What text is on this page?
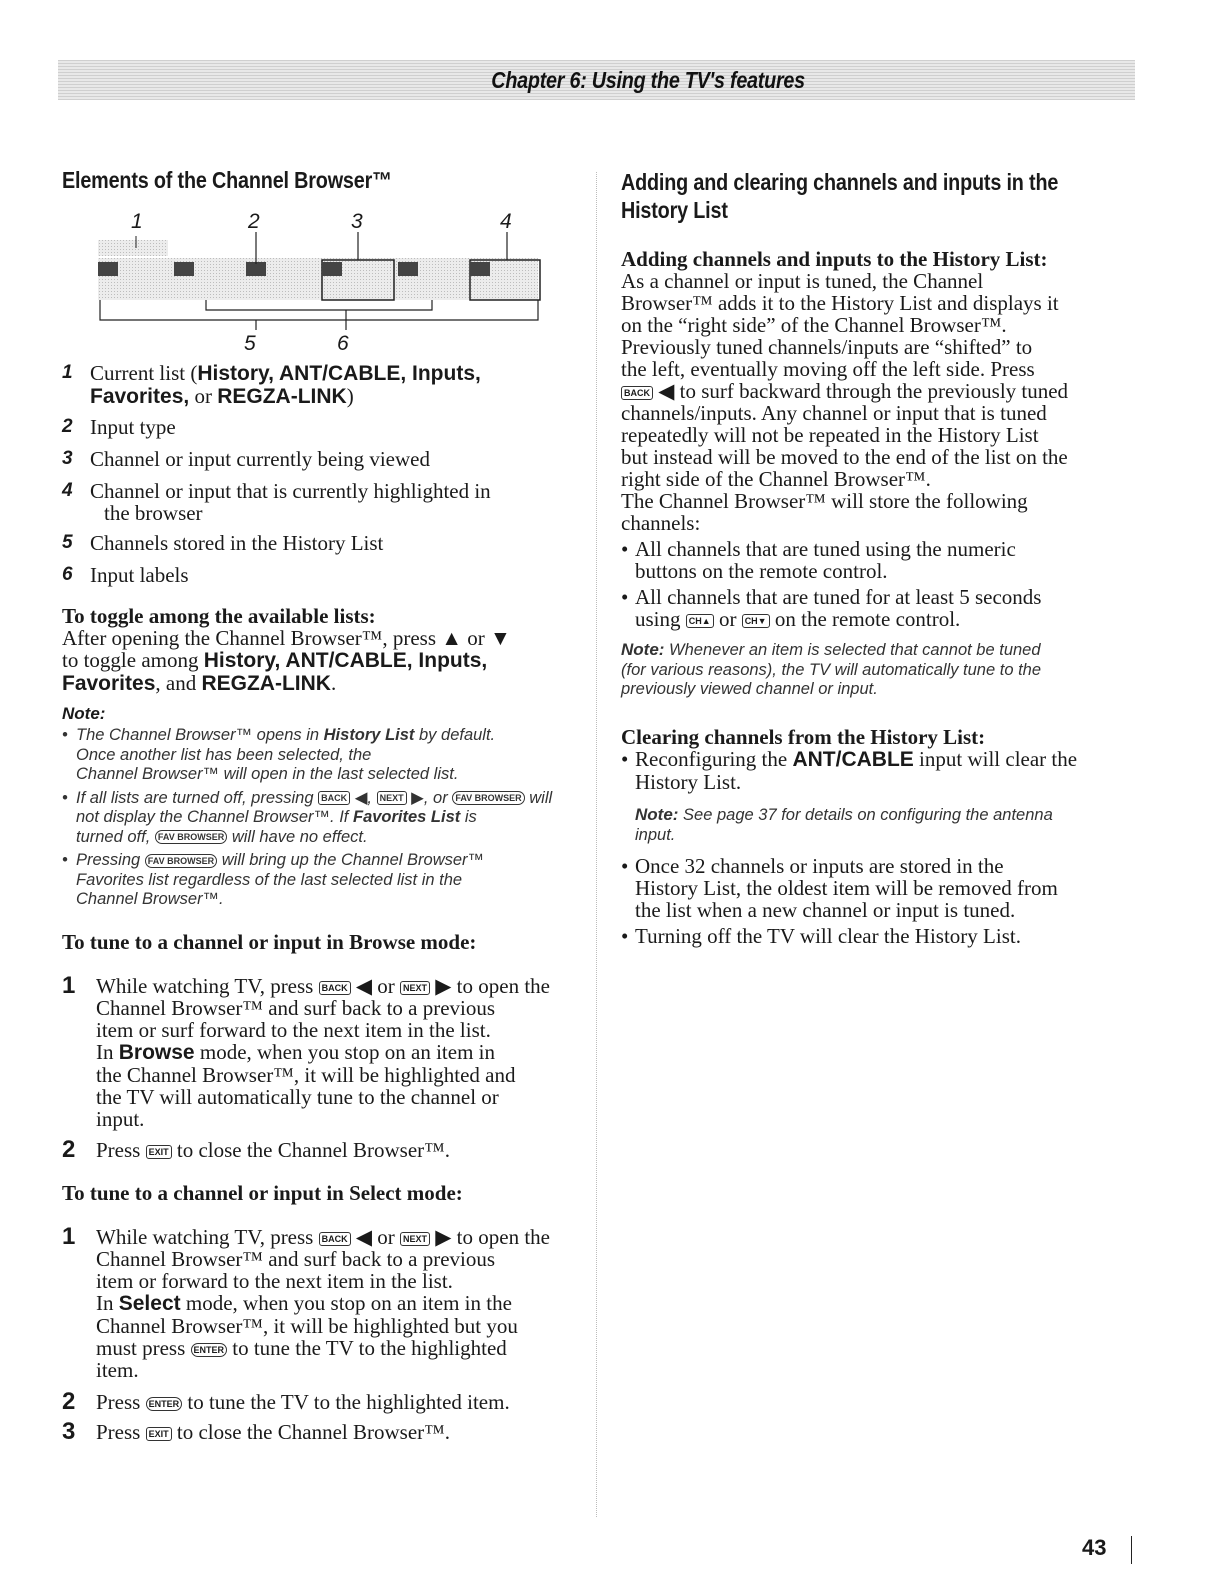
Chapter 6: Using the TV's features
Elements of the Channel Browser™
1	2	3	4
5	6
1 Current list (History, ANT/CABLE, Inputs,
Favorites, or REGZA-LINK)
2 Input type
3 Channel or input currently being viewed
4 Channel or input that is currently highlighted in
the browser
5 Channels stored in the History List
6 Input labels

To toggle among the available lists:

After opening the Channel Browser™, press ▲ or ▼

to toggle among History, ANT/CABLE, Inputs,

Favorites, and REGZA-LINK.

Note:
• The Channel Browser™ opens in History List by default.
Once another list has been selected, the
Channel Browser™ will open in the last selected list.
• If all lists are turned off, pressing BACK ◀, NEXT ▶, or FAV BROWSER will
not display the Channel Browser™. If Favorites List is
turned off, FAV BROWSER will have no effect.
• Pressing FAV BROWSER will bring up the Channel Browser™
Favorites list regardless of the last selected list in the
Channel Browser™.

To tune to a channel or input in Browse mode:

1 While watching TV, press BACK ◀ or NEXT ▶ to open the
Channel Browser™ and surf back to a previous
item or surf forward to the next item in the list.
In Browse mode, when you stop on an item in
the Channel Browser™, it will be highlighted and
the TV will automatically tune to the channel or
input.
2 Press EXIT to close the Channel Browser™.

To tune to a channel or input in Select mode:

1 While watching TV, press BACK ◀ or NEXT ▶ to open the
Channel Browser™ and surf back to a previous
item or forward to the next item in the list.
In Select mode, when you stop on an item in the
Channel Browser™, it will be highlighted but you
must press ENTER to tune the TV to the highlighted
item.
2 Press ENTER to tune the TV to the highlighted item.
3 Press EXIT to close the Channel Browser™.
Adding and clearing channels and inputs in the
History List

Adding channels and inputs to the History List:

As a channel or input is tuned, the Channel

Browser™ adds it to the History List and displays it

on the “right side” of the Channel Browser™.

Previously tuned channels/inputs are “shifted” to

the left, eventually moving off the left side. Press

BACK ◀ to surf backward through the previously tuned

channels/inputs. Any channel or input that is tuned

repeatedly will not be repeated in the History List

but instead will be moved to the end of the list on the

right side of the Channel Browser™.

The Channel Browser™ will store the following

channels:

• All channels that are tuned using the numeric
buttons on the remote control.
• All channels that are tuned for at least 5 seconds
using CH▲ or CH▼ on the remote control.
Note: Whenever an item is selected that cannot be tuned
(for various reasons), the TV will automatically tune to the
previously viewed channel or input.

Clearing channels from the History List:

• Reconfiguring the ANT/CABLE input will clear the
History List.
Note: See page 37 for details on configuring the antenna
input.
• Once 32 channels or inputs are stored in the
History List, the oldest item will be removed from
the list when a new channel or input is tuned.
• Turning off the TV will clear the History List.
43
